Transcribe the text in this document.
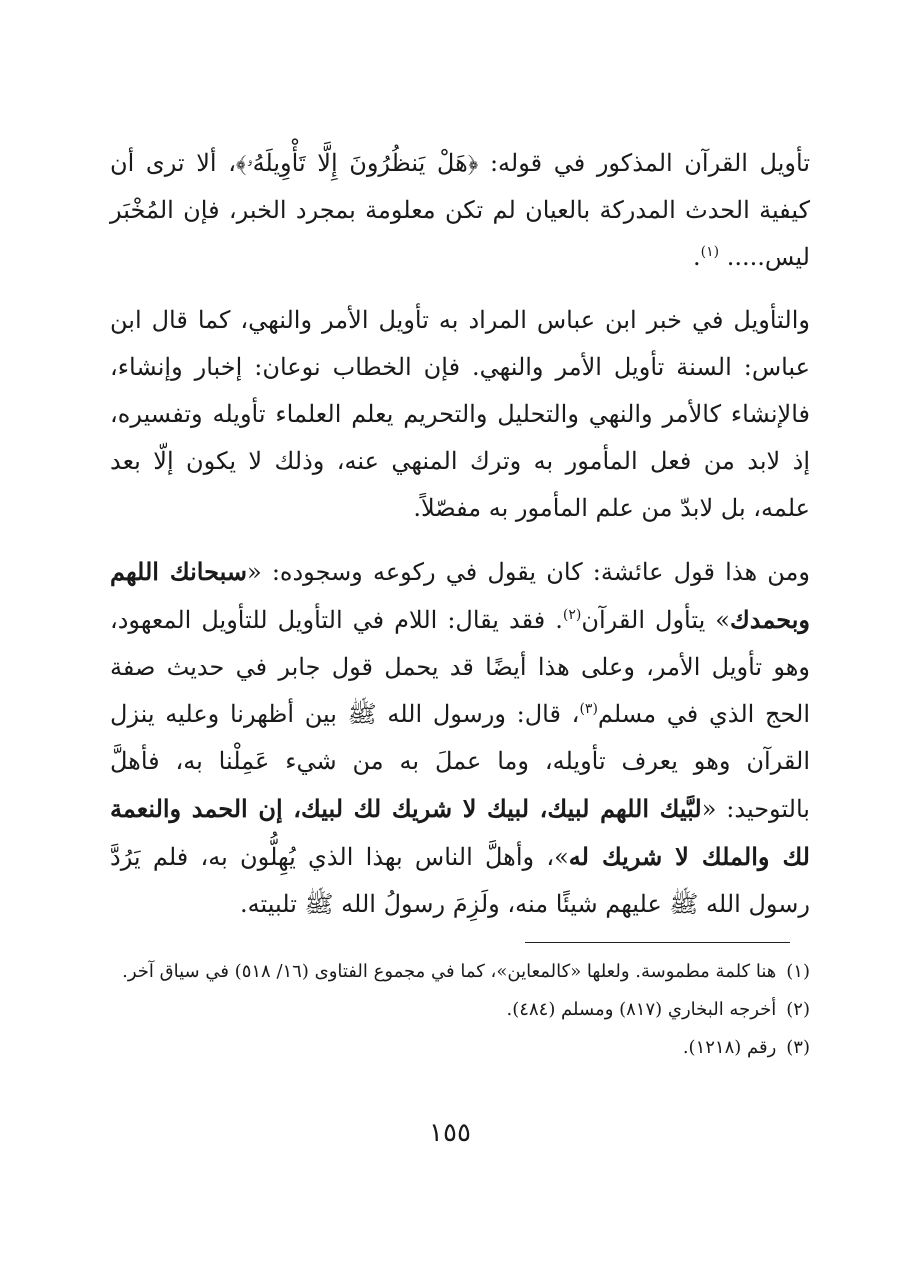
تأويل القرآن المذكور في قوله: ﴿هَلْ يَنظُرُونَ إِلَّا تَأْوِيلَهُۥ﴾، ألا ترى أن كيفية الحدث المدركة بالعيان لم تكن معلومة بمجرد الخبر، فإن المُخْبَر ليس..... $^{(١)}$.

والتأويل في خبر ابن عباس المراد به تأويل الأمر والنهي، كما قال ابن عباس: السنة تأويل الأمر والنهي. فإن الخطاب نوعان: إخبار وإنشاء، فالإنشاء كالأمر والنهي والتحليل والتحريم يعلم العلماء تأويله وتفسيره، إذ لابد من فعل المأمور به وترك المنهي عنه، وذلك لا يكون إلّا بعد علمه، بل لابدّ من علم المأمور به مفصّلاً.

ومن هذا قول عائشة: كان يقول في ركوعه وسجوده: «سبحانك اللهم وبحمدك» يتأول القرآن$^{(٢)}$. فقد يقال: اللام في التأويل للتأويل المعهود، وهو تأويل الأمر، وعلى هذا أيضًا قد يحمل قول جابر في حديث صفة الحج الذي في مسلم$^{(٣)}$، قال: ورسول الله ﷺ بين أظهرنا وعليه ينزل القرآن وهو يعرف تأويله، وما عملَ به من شيء عَمِلْنا به، فأهلَّ بالتوحيد: «لبَّيك اللهم لبيك، لبيك لا شريك لك لبيك، إن الحمد والنعمة لك والملك لا شريك له»، وأهلَّ الناس بهذا الذي يُهِلُّون به، فلم يَرُدَّ رسول الله ﷺ عليهم شيئًا منه، ولَزِمَ رسولُ الله ﷺ تلبيته.

(١)هنا كلمة مطموسة. ولعلها «كالمعاين»، كما في مجموع الفتاوى (١٦/ ٥١٨) في سياق آخر.
(٢)أخرجه البخاري (٨١٧) ومسلم (٤٨٤).
(٣)رقم (١٢١٨).
١٥٥
